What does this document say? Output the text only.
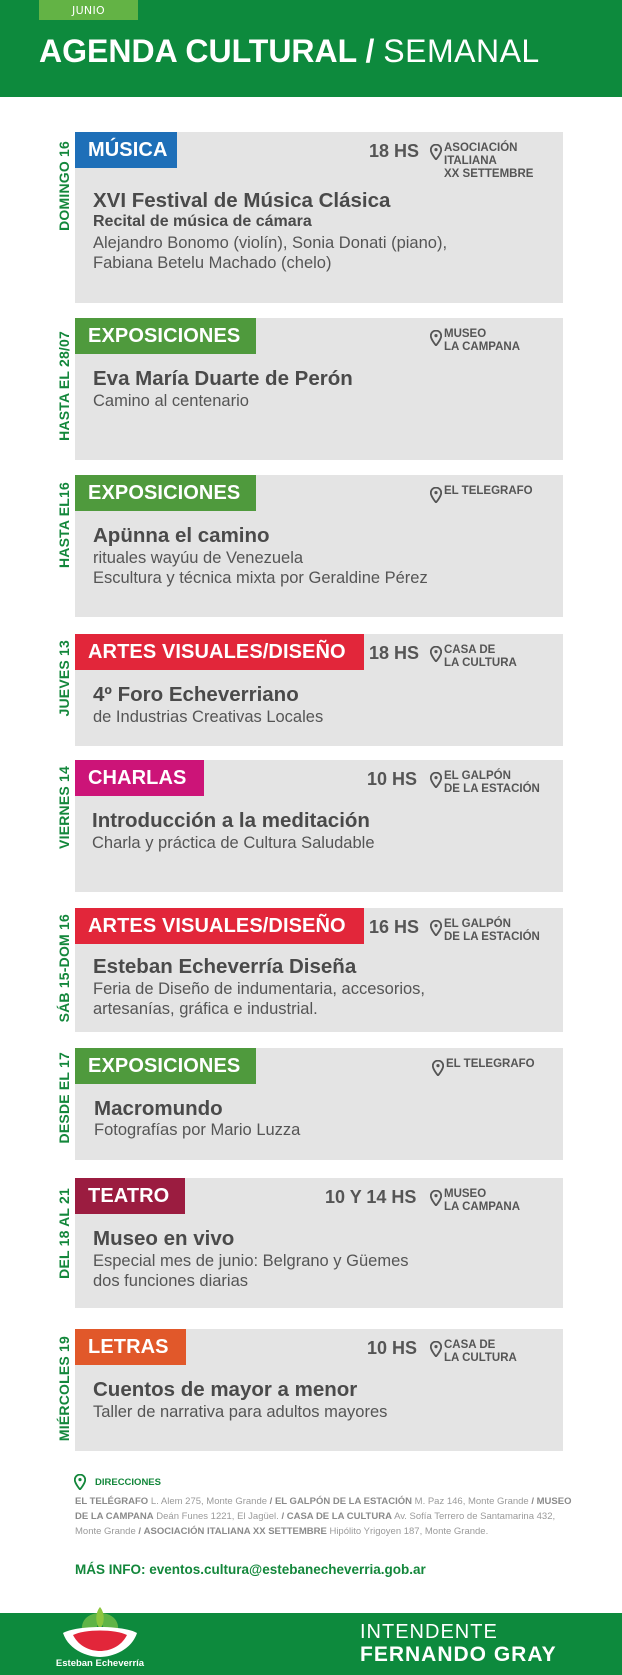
JUNIO
AGENDA CULTURAL / SEMANAL
DOMINGO 16 MÚSICA	18 HS ASOCIACIÓN
ITALIANA
XX SETTEMBRE
XVI Festival de Música Clásica
Recital de música de cámara
Alejandro Bonomo (violín), Sonia Donati (piano),
Fabiana Betelu Machado (chelo)
HASTA EL 28/07 EXPOSICIONES	MUSEO
LA CAMPANA
Eva María Duarte de Perón
Camino al centenario
HASTA EL16 EXPOSICIONES	EL TELEGRAFO
Apünna el camino
rituales wayúu de Venezuela
Escultura y técnica mixta por Geraldine Pérez
JUEVES 13 ARTES VISUALES/DISEÑO	18 HS CASA DE
LA CULTURA
4º Foro Echeverriano
de Industrias Creativas Locales
VIERNES 14 CHARLAS	10 HS EL GALPÓN
DE LA ESTACIÓN
Introducción a la meditación
Charla y práctica de Cultura Saludable
SÁB 15-DOM 16 ARTES VISUALES/DISEÑO	16 HS EL GALPÓN
DE LA ESTACIÓN
Esteban Echeverría Diseña
Feria de Diseño de indumentaria, accesorios,
artesanías, gráfica e industrial.
DESDE EL 17 EXPOSICIONES	EL TELEGRAFO
Macromundo
Fotografías por Mario Luzza
DEL 18 AL 21 TEATRO	10 Y 14 HS MUSEO
LA CAMPANA
Museo en vivo
Especial mes de junio: Belgrano y Güemes
dos funciones diarias
MIÉRCOLES 19 LETRAS	10 HS CASA DE
LA CULTURA
Cuentos de mayor a menor
Taller de narrativa para adultos mayores
DIRECCIONES
EL TELÉGRAFO L. Alem 275, Monte Grande / EL GALPÓN DE LA ESTACIÓN M. Paz 146, Monte Grande / MUSEO DE LA CAMPANA Deán Funes 1221, El Jagüel. / CASA DE LA CULTURA Av. Sofía Terrero de Santamarina 432, Monte Grande / ASOCIACIÓN ITALIANA XX SETTEMBRE Hipólito Yrigoyen 187, Monte Grande.
MÁS INFO: eventos.cultura@estebanecheverria.gob.ar
Esteban Echeverría
INTENDENTE
FERNANDO GRAY
